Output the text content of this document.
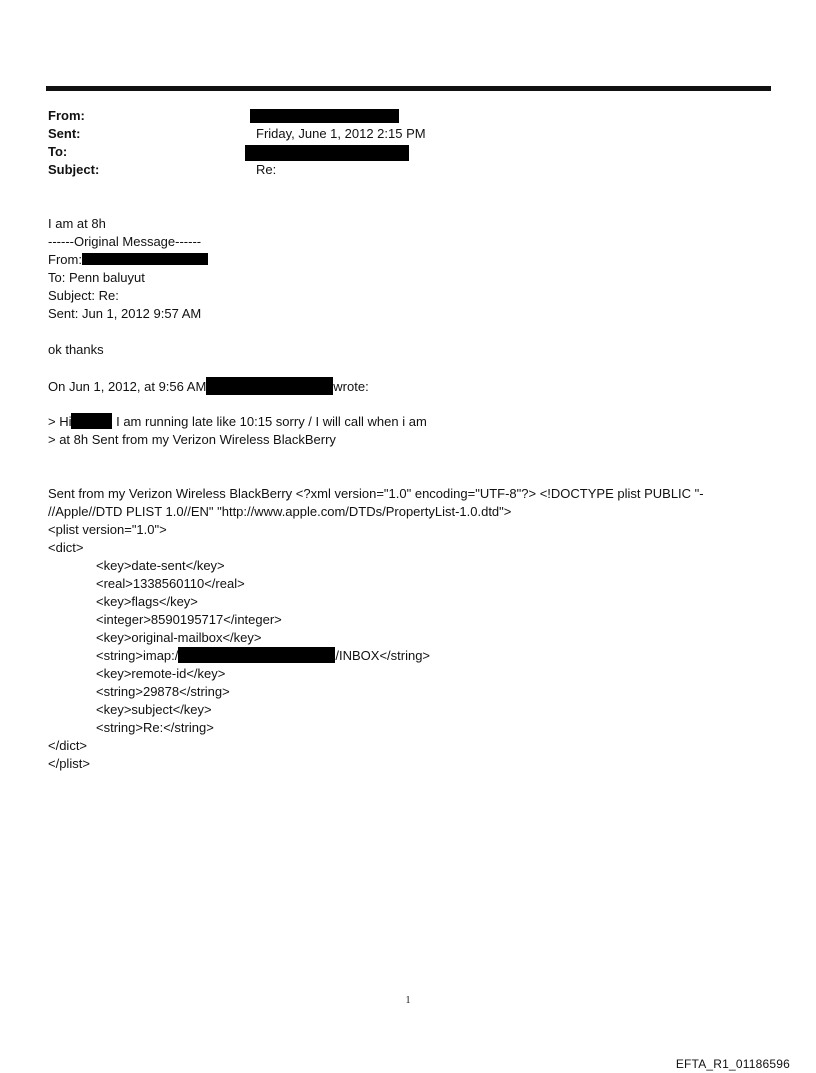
From:
Sent:	Friday, June 1, 2012 2:15 PM
To:
Subject:	Re:
I am at 8h
------Original Message------
From:
To: Penn baluyut
Subject: Re:
Sent: Jun 1, 2012 9:57 AM
ok thanks
On Jun 1, 2012, at 9:56 AM	wrote:
> Hi	I am running late like 10:15 sorry / I will call when i am
> at 8h Sent from my Verizon Wireless BlackBerry
Sent from my Verizon Wireless BlackBerry <?xml version="1.0" encoding="UTF-8"?> <!DOCTYPE plist PUBLIC "-
//Apple//DTD PLIST 1.0//EN" "http://www.apple.com/DTDs/PropertyList-1.0.dtd">
<plist version="1.0">
<dict>
<key>date-sent</key>
<real>1338560110</real>
<key>flags</key>
<integer>8590195717</integer>
<key>original-mailbox</key>
<string>imap:/	/INBOX</string>
<key>remote-id</key>
<string>29878</string>
<key>subject</key>
<string>Re:</string>
</dict>
</plist>
1
EFTA_R1_01186596
